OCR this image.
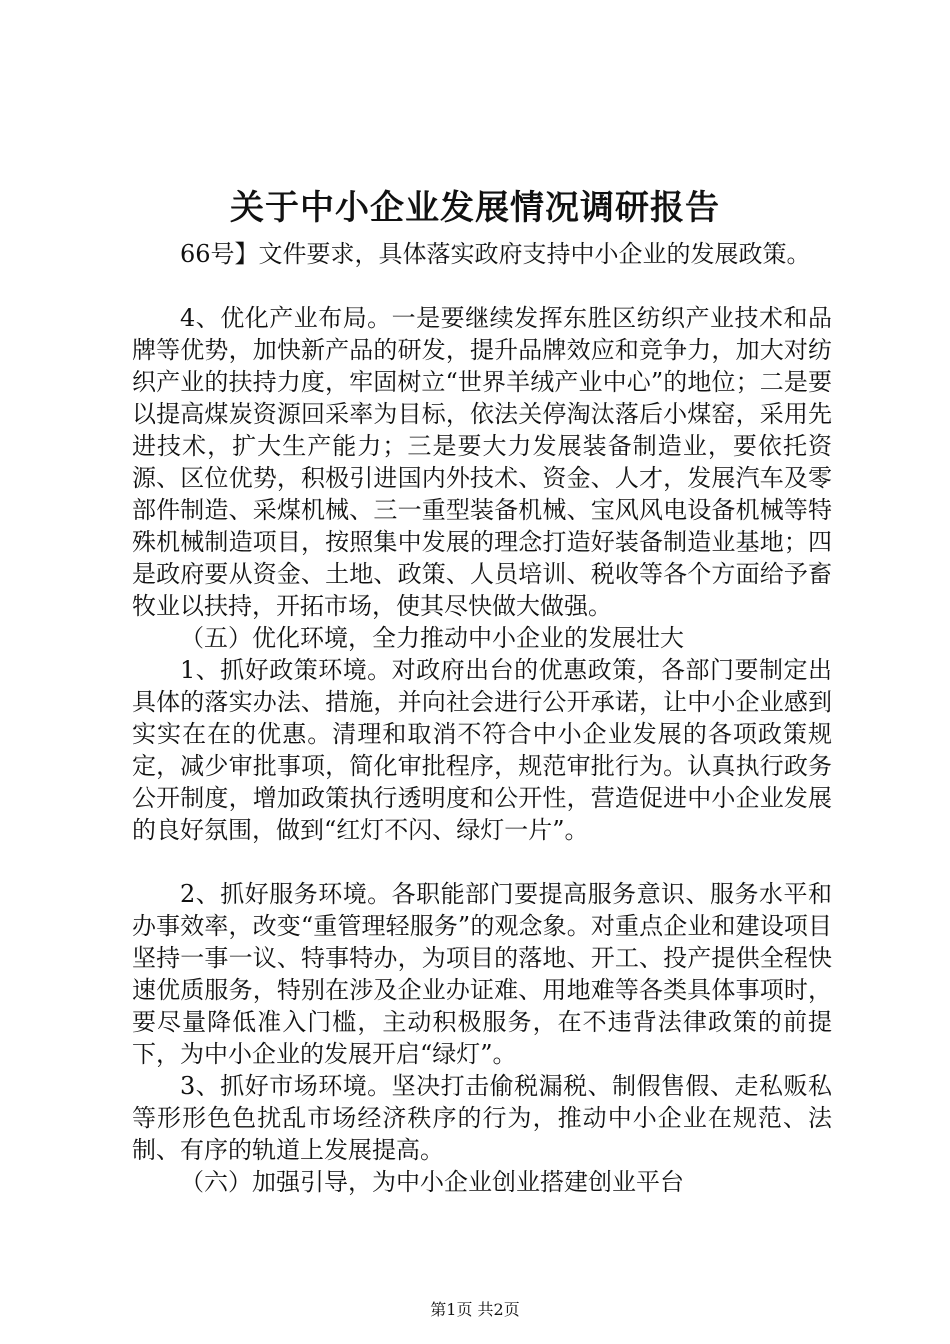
关于中小企业发展情况调研报告

66号】文件要求，具体落实政府支持中小企业的发展政策。

4、优化产业布局。一是要继续发挥东胜区纺织产业技术和品牌等优势，加快新产品的研发，提升品牌效应和竞争力，加大对纺织产业的扶持力度，牢固树立“世界羊绒产业中心”的地位；二是要以提高煤炭资源回采率为目标，依法关停淘汰落后小煤窑，采用先进技术，扩大生产能力；三是要大力发展装备制造业，要依托资源、区位优势，积极引进国内外技术、资金、人才，发展汽车及零部件制造、采煤机械、三一重型装备机械、宝风风电设备机械等特殊机械制造项目，按照集中发展的理念打造好装备制造业基地；四是政府要从资金、土地、政策、人员培训、税收等各个方面给予畜牧业以扶持，开拓市场，使其尽快做大做强。

（五）优化环境，全力推动中小企业的发展壮大

1、抓好政策环境。对政府出台的优惠政策，各部门要制定出具体的落实办法、措施，并向社会进行公开承诺，让中小企业感到实实在在的优惠。清理和取消不符合中小企业发展的各项政策规定，减少审批事项，简化审批程序，规范审批行为。认真执行政务公开制度，增加政策执行透明度和公开性，营造促进中小企业发展的良好氛围，做到“红灯不闪、绿灯一片”。

2、抓好服务环境。各职能部门要提高服务意识、服务水平和办事效率，改变“重管理轻服务”的观念象。对重点企业和建设项目坚持一事一议、特事特办，为项目的落地、开工、投产提供全程快速优质服务，特别在涉及企业办证难、用地难等各类具体事项时，要尽量降低准入门槛，主动积极服务，在不违背法律政策的前提下，为中小企业的发展开启“绿灯”。

3、抓好市场环境。坚决打击偷税漏税、制假售假、走私贩私等形形色色扰乱市场经济秩序的行为，推动中小企业在规范、法制、有序的轨道上发展提高。

（六）加强引导，为中小企业创业搭建创业平台

第1页 共2页
